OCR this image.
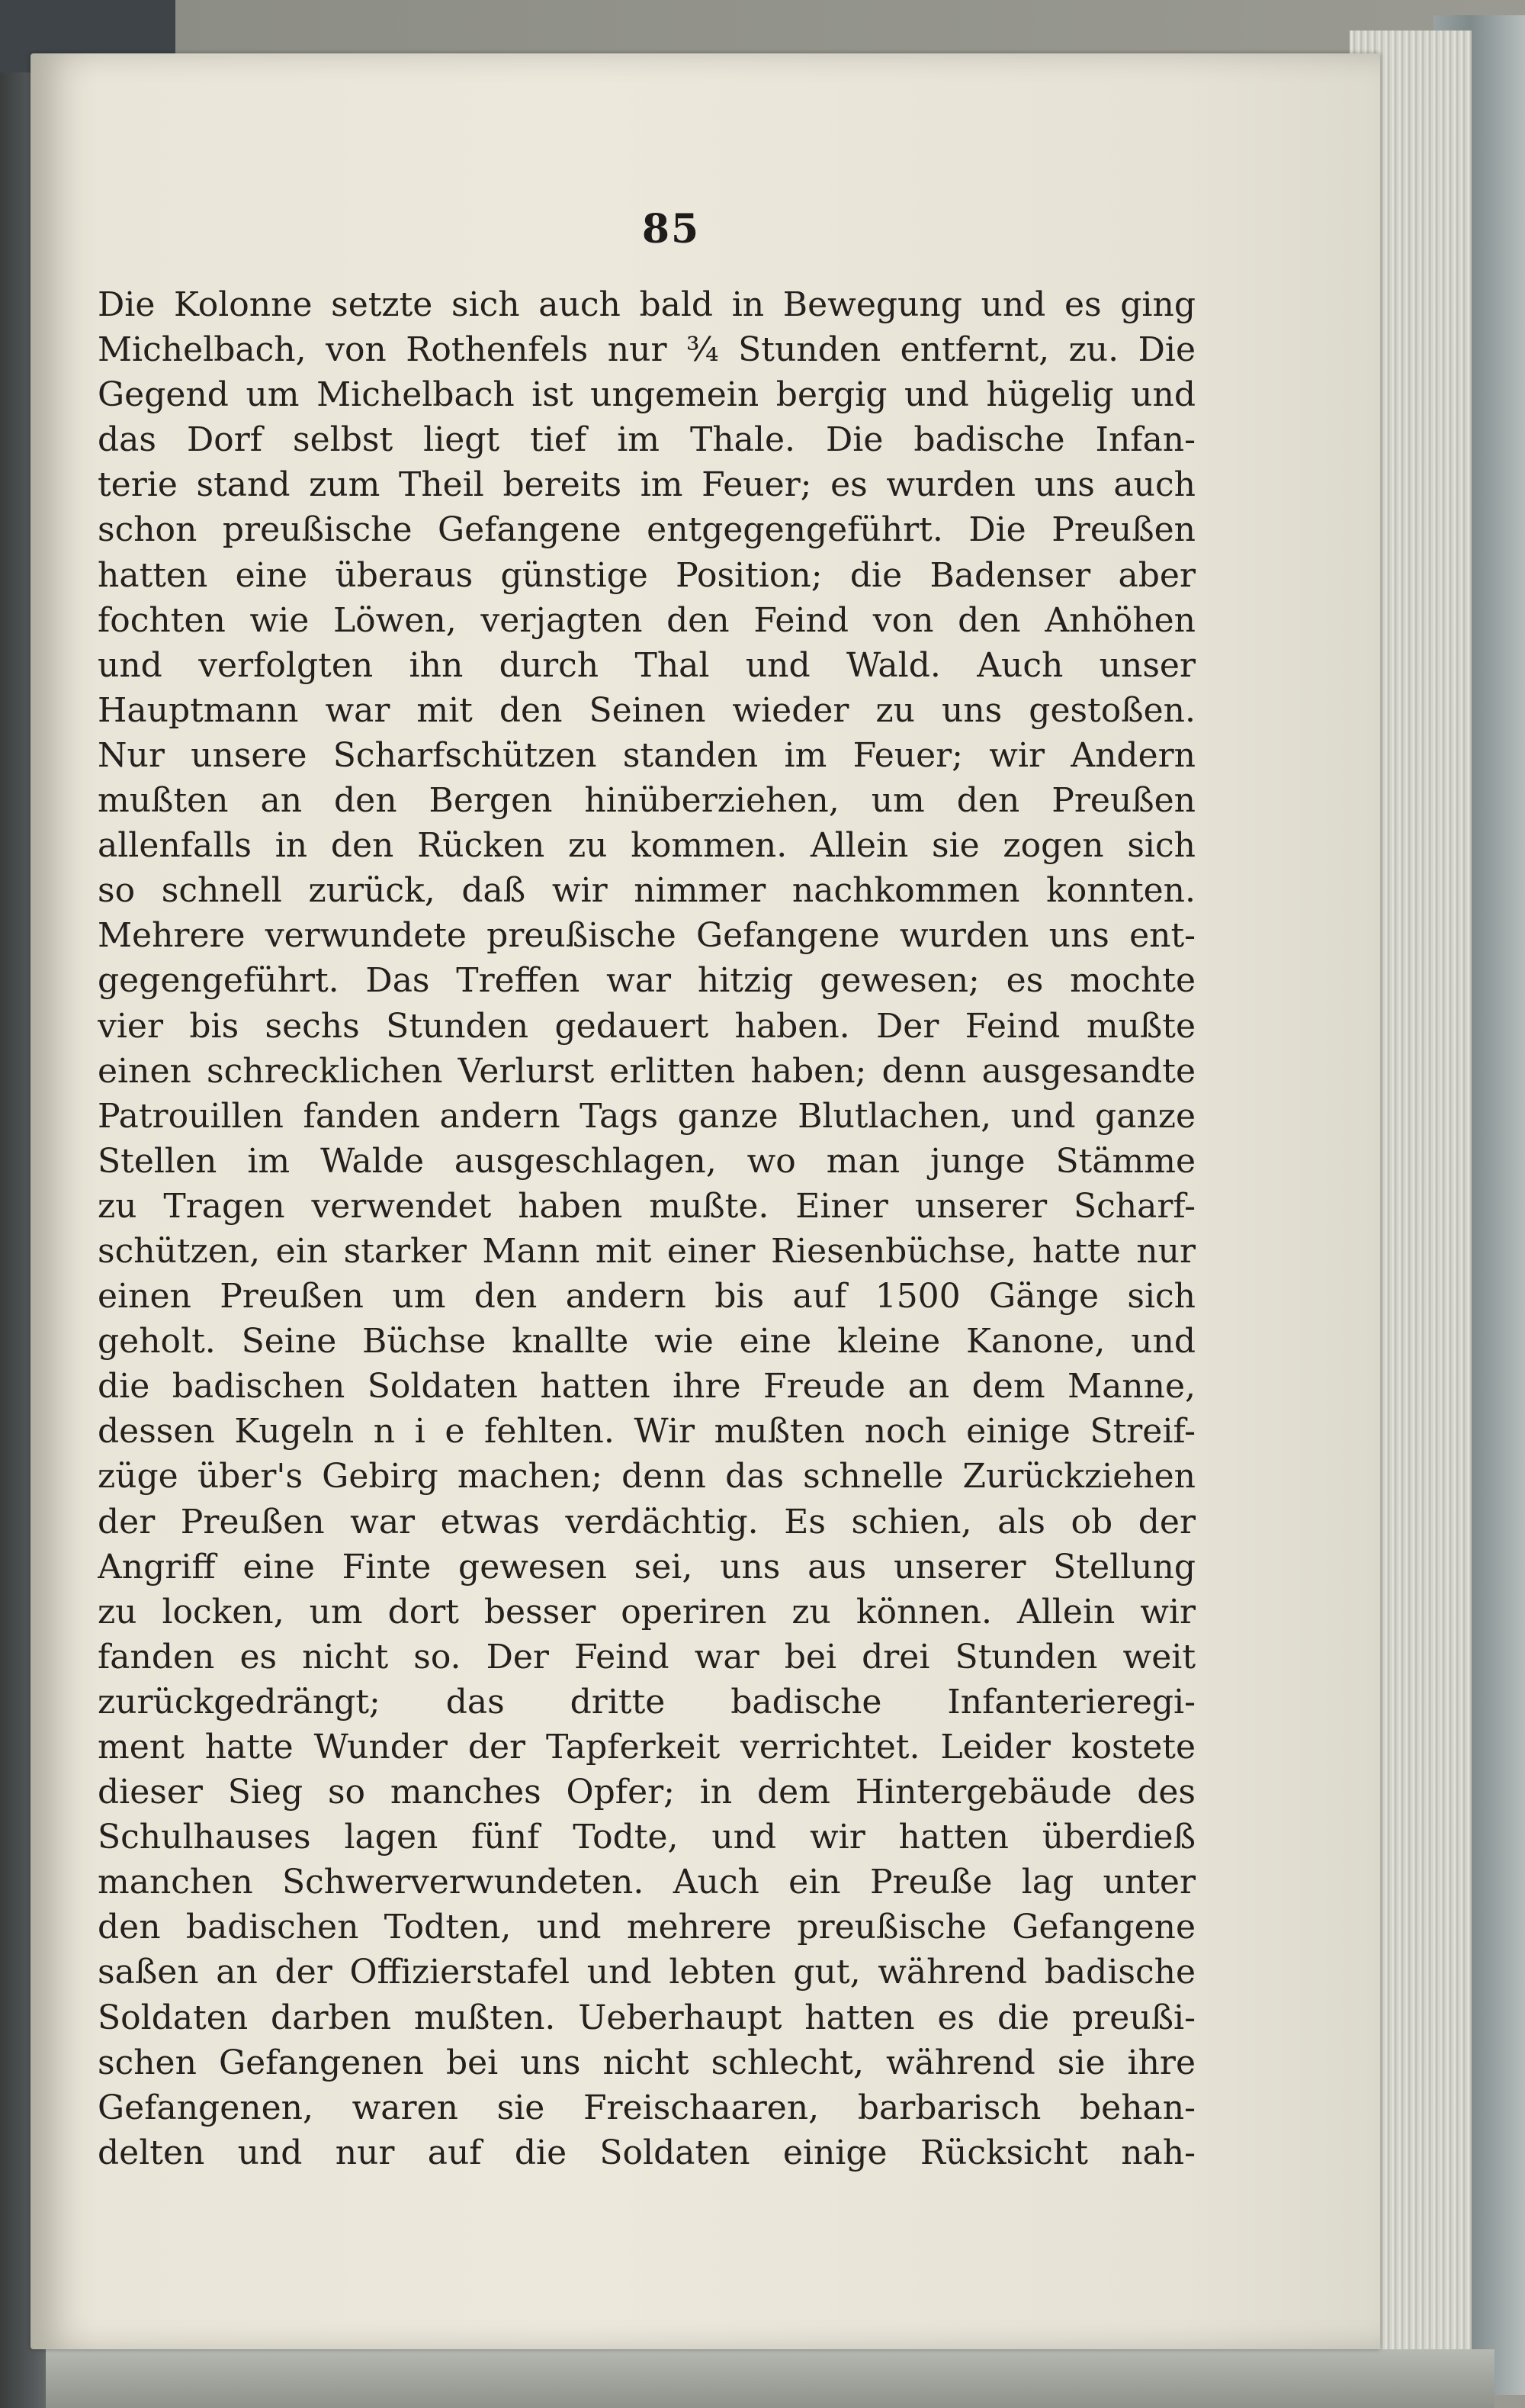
85
Die Kolonne setzte sich auch bald in Bewegung und es ging
Michelbach, von Rothenfels nur ¾ Stunden entfernt, zu. Die
Gegend um Michelbach ist ungemein bergig und hügelig und
das Dorf selbst liegt tief im Thale. Die badische Infan-
terie stand zum Theil bereits im Feuer; es wurden uns auch
schon preußische Gefangene entgegengeführt. Die Preußen
hatten eine überaus günstige Position; die Badenser aber
fochten wie Löwen, verjagten den Feind von den Anhöhen
und verfolgten ihn durch Thal und Wald. Auch unser
Hauptmann war mit den Seinen wieder zu uns gestoßen.
Nur unsere Scharfschützen standen im Feuer; wir Andern
mußten an den Bergen hinüberziehen, um den Preußen
allenfalls in den Rücken zu kommen. Allein sie zogen sich
so schnell zurück, daß wir nimmer nachkommen konnten.
Mehrere verwundete preußische Gefangene wurden uns ent-
gegengeführt. Das Treffen war hitzig gewesen; es mochte
vier bis sechs Stunden gedauert haben. Der Feind mußte
einen schrecklichen Verlurst erlitten haben; denn ausgesandte
Patrouillen fanden andern Tags ganze Blutlachen, und ganze
Stellen im Walde ausgeschlagen, wo man junge Stämme
zu Tragen verwendet haben mußte. Einer unserer Scharf-
schützen, ein starker Mann mit einer Riesenbüchse, hatte nur
einen Preußen um den andern bis auf 1500 Gänge sich
geholt. Seine Büchse knallte wie eine kleine Kanone, und
die badischen Soldaten hatten ihre Freude an dem Manne,
dessen Kugeln n i e fehlten. Wir mußten noch einige Streif-
züge über's Gebirg machen; denn das schnelle Zurückziehen
der Preußen war etwas verdächtig. Es schien, als ob der
Angriff eine Finte gewesen sei, uns aus unserer Stellung
zu locken, um dort besser operiren zu können. Allein wir
fanden es nicht so. Der Feind war bei drei Stunden weit
zurückgedrängt; das dritte badische Infanterieregi-
ment hatte Wunder der Tapferkeit verrichtet. Leider kostete
dieser Sieg so manches Opfer; in dem Hintergebäude des
Schulhauses lagen fünf Todte, und wir hatten überdieß
manchen Schwerverwundeten. Auch ein Preuße lag unter
den badischen Todten, und mehrere preußische Gefangene
saßen an der Offizierstafel und lebten gut, während badische
Soldaten darben mußten. Ueberhaupt hatten es die preußi-
schen Gefangenen bei uns nicht schlecht, während sie ihre
Gefangenen, waren sie Freischaaren, barbarisch behan-
delten und nur auf die Soldaten einige Rücksicht nah-
